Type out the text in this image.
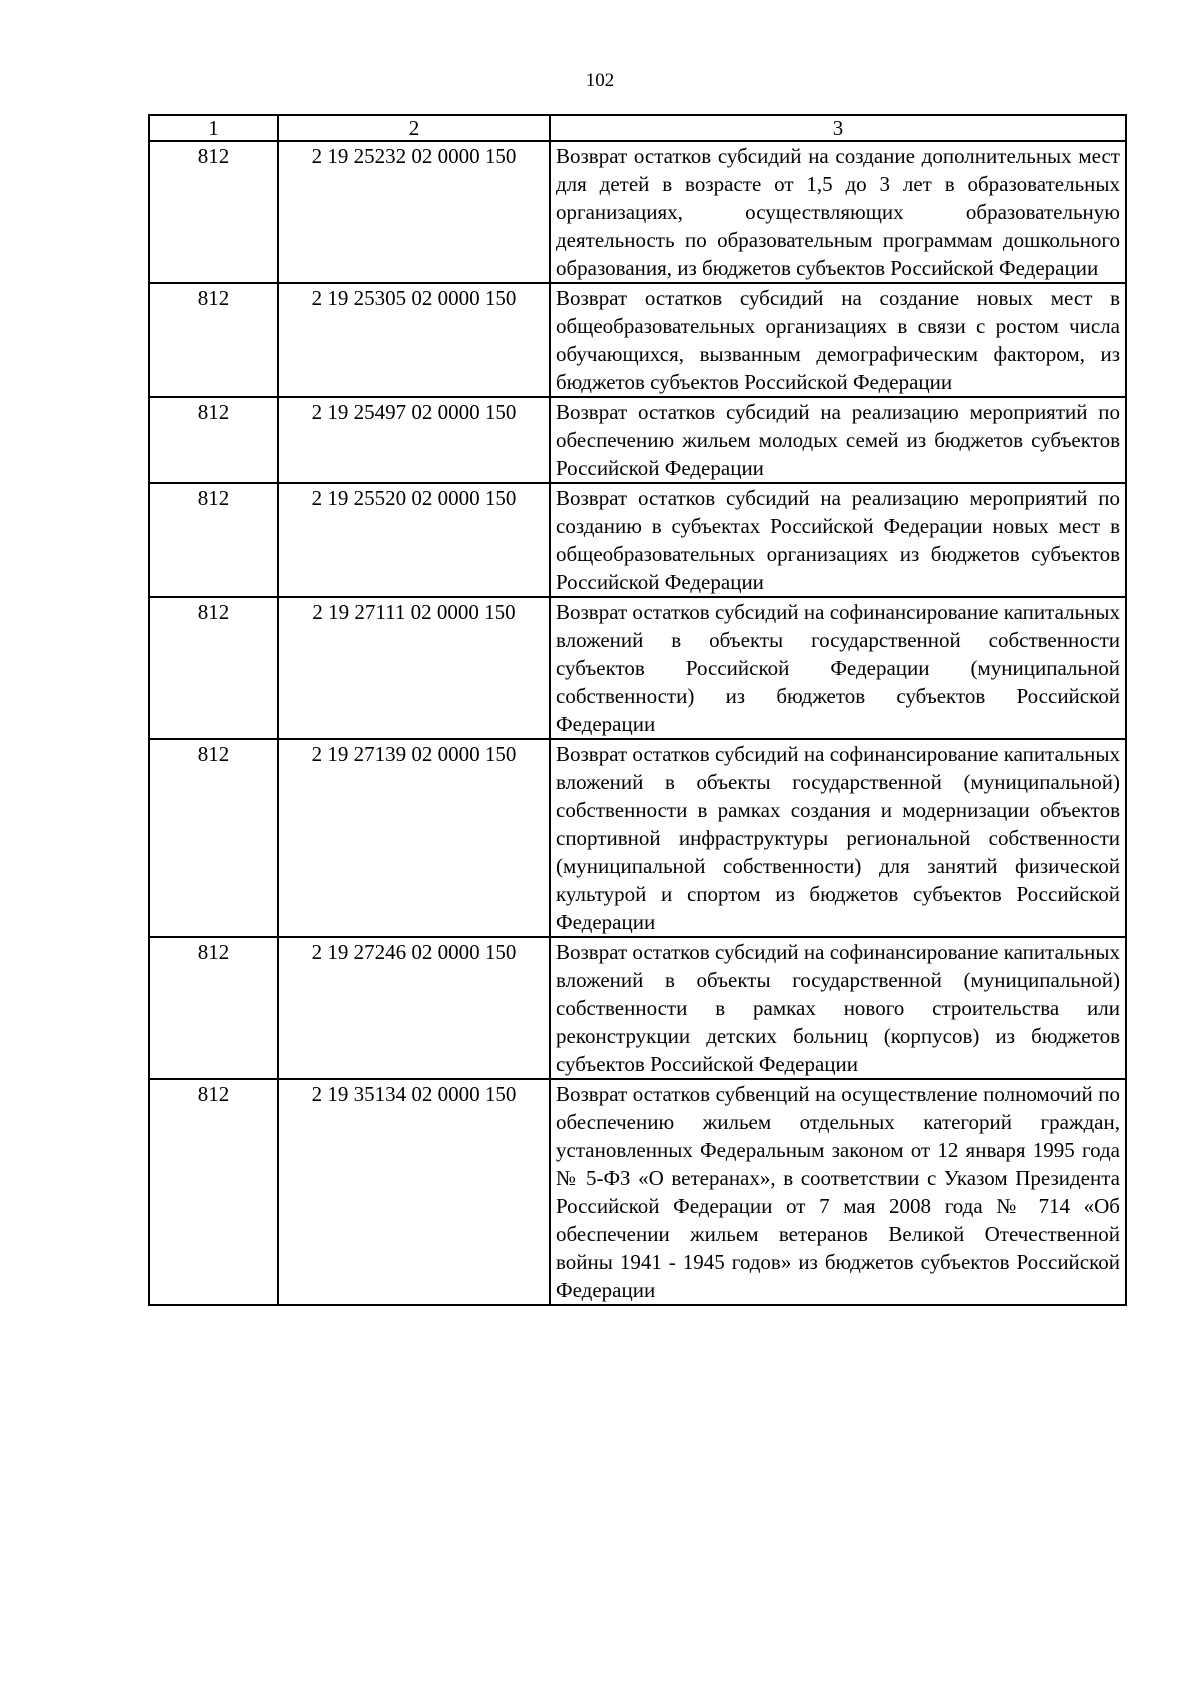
102
1	2	3
812	2 19 25232 02 0000 150	Возврат остатков субсидий на создание дополнительных мест для детей в возрасте от 1,5 до 3 лет в образовательных организациях, осуществляющих образовательную деятельность по образовательным программам дошкольного образования, из бюджетов субъектов Российской Федерации
812	2 19 25305 02 0000 150	Возврат остатков субсидий на создание новых мест в общеобразовательных организациях в связи с ростом числа обучающихся, вызванным демографическим фактором, из бюджетов субъектов Российской Федерации
812	2 19 25497 02 0000 150	Возврат остатков субсидий на реализацию мероприятий по обеспечению жильем молодых семей из бюджетов субъектов Российской Федерации
812	2 19 25520 02 0000 150	Возврат остатков субсидий на реализацию мероприятий по созданию в субъектах Российской Федерации новых мест в общеобразовательных организациях из бюджетов субъектов Российской Федерации
812	2 19 27111 02 0000 150	Возврат остатков субсидий на софинансирование капитальных вложений в объекты государственной собственности субъектов Российской Федерации (муниципальной собственности) из бюджетов субъектов Российской Федерации
812	2 19 27139 02 0000 150	Возврат остатков субсидий на софинансирование капитальных вложений в объекты государственной (муниципальной) собственности в рамках создания и модернизации объектов спортивной инфраструктуры региональной собственности (муниципальной собственности) для занятий физической культурой и спортом из бюджетов субъектов Российской Федерации
812	2 19 27246 02 0000 150	Возврат остатков субсидий на софинансирование капитальных вложений в объекты государственной (муниципальной) собственности в рамках нового строительства или реконструкции детских больниц (корпусов) из бюджетов субъектов Российской Федерации
812	2 19 35134 02 0000 150	Возврат остатков субвенций на осуществление полномочий по обеспечению жильем отдельных категорий граждан, установленных Федеральным законом от 12 января 1995 года № 5-ФЗ «О ветеранах», в соответствии с Указом Президента Российской Федерации от 7 мая 2008 года № 714 «Об обеспечении жильем ветеранов Великой Отечественной войны 1941 - 1945 годов» из бюджетов субъектов Российской Федерации
